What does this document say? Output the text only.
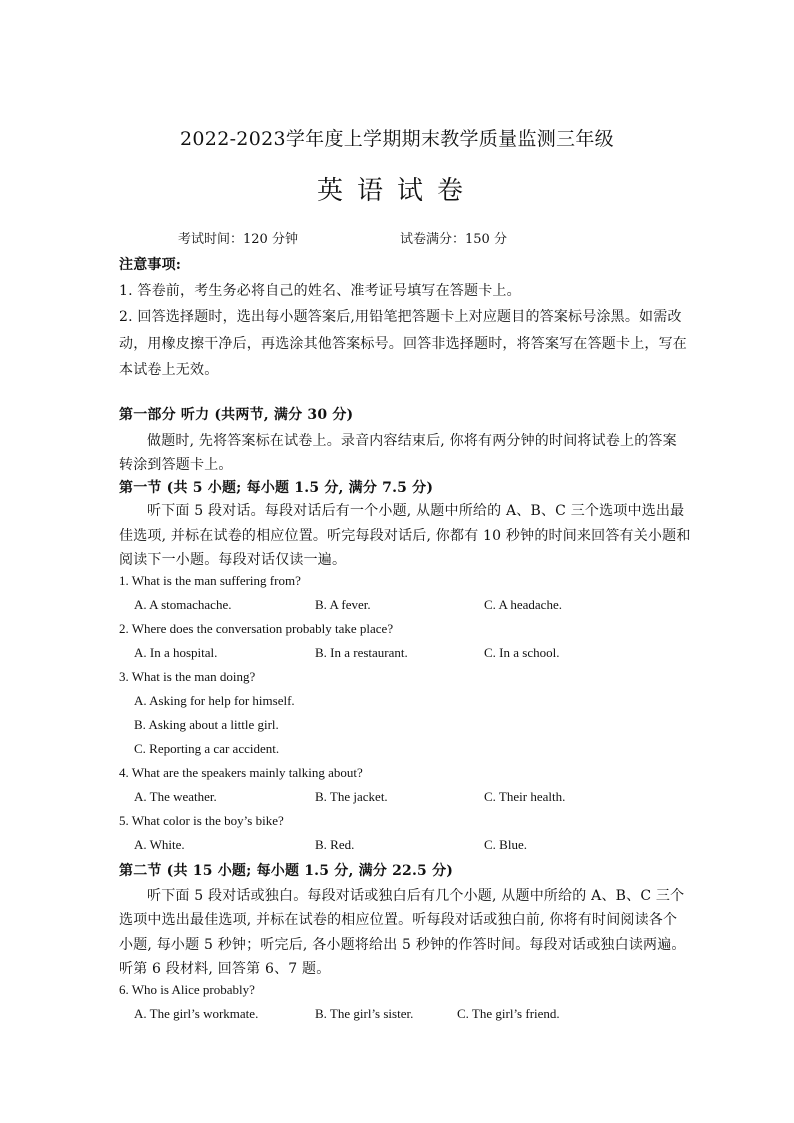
2022-2023学年度上学期期末教学质量监测三年级
英语试卷
考试时间：120 分钟	试卷满分：150 分
注意事项:
1. 答卷前，考生务必将自己的姓名、准考证号填写在答题卡上。
2. 回答选择题时，选出每小题答案后,用铅笔把答题卡上对应题目的答案标号涂黑。如需改
动，用橡皮擦干净后，再选涂其他答案标号。回答非选择题时，将答案写在答题卡上，写在
本试卷上无效。
第一部分 听力 (共两节, 满分 30 分)
做题时, 先将答案标在试卷上。录音内容结束后, 你将有两分钟的时间将试卷上的答案
转涂到答题卡上。
第一节 (共 5 小题; 每小题 1.5 分, 满分 7.5 分)
听下面 5 段对话。每段对话后有一个小题, 从题中所给的 A、B、C 三个选项中选出最
佳选项, 并标在试卷的相应位置。听完每段对话后, 你都有 10 秒钟的时间来回答有关小题和
阅读下一小题。每段对话仅读一遍。
1. What is the man suffering from?
A. A stomachache.	B. A fever.	C. A headache.
2. Where does the conversation probably take place?
A. In a hospital.	B. In a restaurant.	C. In a school.
3. What is the man doing?
A. Asking for help for himself.
B. Asking about a little girl.
C. Reporting a car accident.
4. What are the speakers mainly talking about?
A. The weather.	B. The jacket.	C. Their health.
5. What color is the boy’s bike?
A. White.	B. Red.	C. Blue.
第二节 (共 15 小题; 每小题 1.5 分, 满分 22.5 分)
听下面 5 段对话或独白。每段对话或独白后有几个小题, 从题中所给的 A、B、C 三个
选项中选出最佳选项, 并标在试卷的相应位置。听每段对话或独白前, 你将有时间阅读各个
小题, 每小题 5 秒钟；听完后, 各小题将给出 5 秒钟的作答时间。每段对话或独白读两遍。
听第 6 段材料, 回答第 6、7 题。
6. Who is Alice probably?
A. The girl’s workmate.	B. The girl’s sister.	C. The girl’s friend.
